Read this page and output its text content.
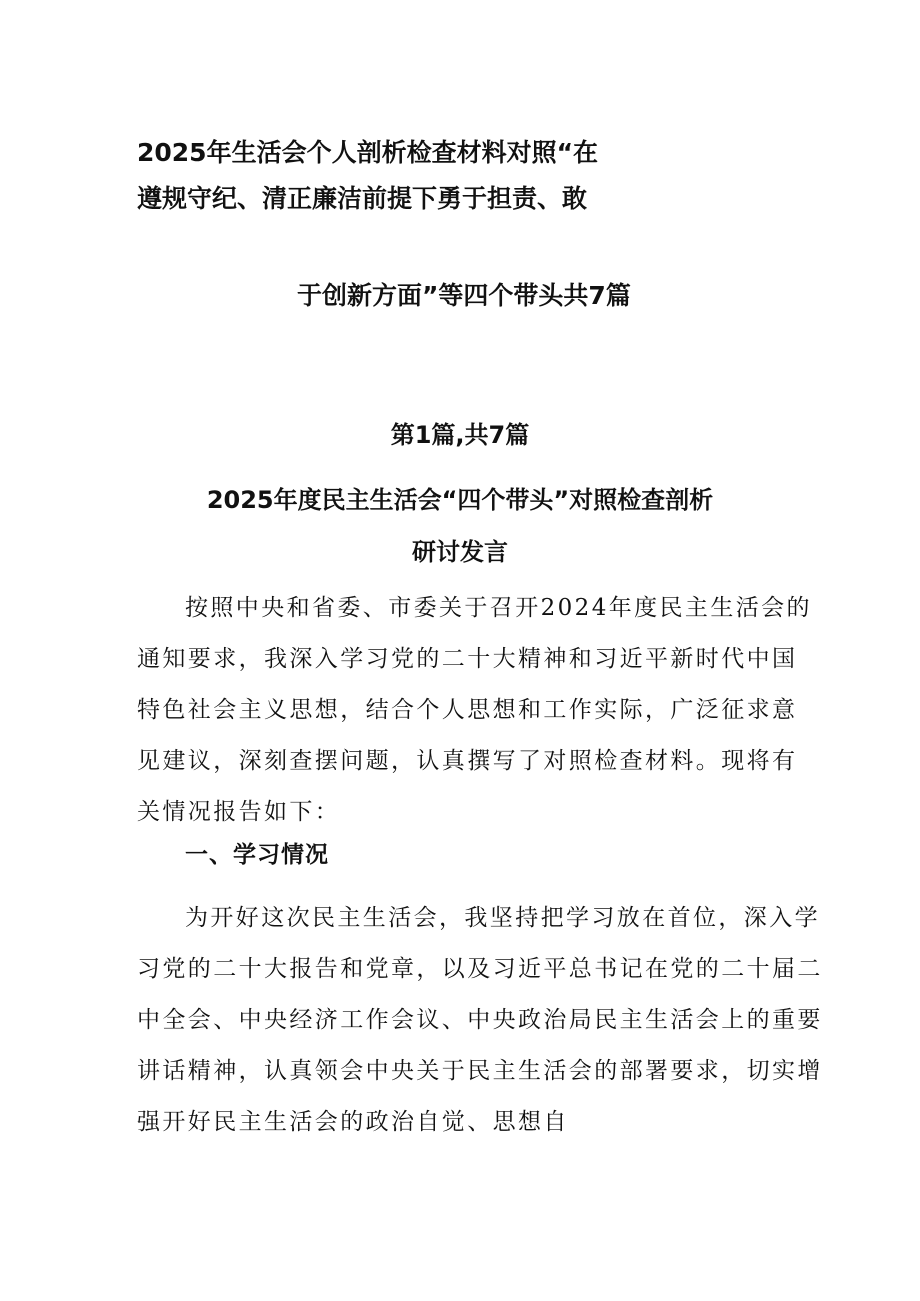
2025年生活会个人剖析检查材料对照“在
遵规守纪、清正廉洁前提下勇于担责、敢
于创新方面”等四个带头共7篇
第1篇,共7篇
2025年度民主生活会“四个带头”对照检查剖析
研讨发言

按照中央和省委、市委关于召开2024年度民主生活会的

通知要求，我深入学习党的二十大精神和习近平新时代中国

特色社会主义思想，结合个人思想和工作实际，广泛征求意

见建议，深刻查摆问题，认真撰写了对照检查材料。现将有

关情况报告如下：

一、学习情况

为开好这次民主生活会，我坚持把学习放在首位，深入学

习党的二十大报告和党章，以及习近平总书记在党的二十届二

中全会、中央经济工作会议、中央政治局民主生活会上的重要

讲话精神，认真领会中央关于民主生活会的部署要求，切实增

强开好民主生活会的政治自觉、思想自
